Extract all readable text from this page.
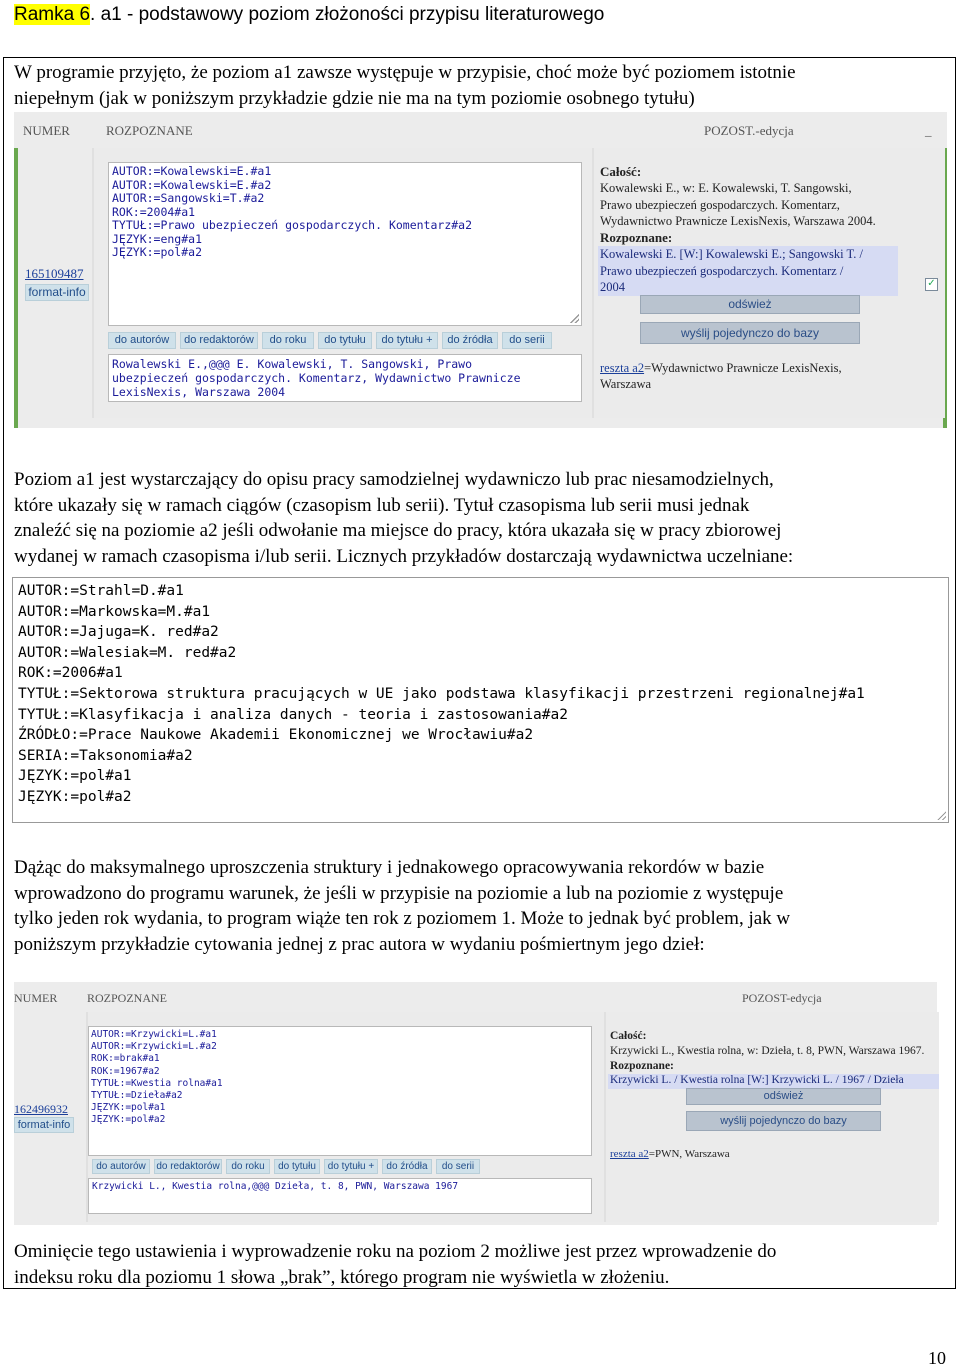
Ramka 6. a1 - podstawowy poziom złożoności przypisu literaturowego
W programie przyjęto, że poziom a1 zawsze występuje w przypisie, choć może być poziomem istotnie
niepełnym (jak w poniższym przykładzie gdzie nie ma na tym poziomie osobnego tytułu)
NUMER	ROZPOZNANE	POZOST.-edycja	_
165109487
format-info
AUTOR:=Kowalewski=E.#a1
AUTOR:=Kowalewski=E.#a2
AUTOR:=Sangowski=T.#a2
ROK:=2004#a1
TYTUŁ:=Prawo ubezpieczeń gospodarczych. Komentarz#a2
JĘZYK:=eng#a1
JĘZYK:=pol#a2
do autorów	do redaktorów	do roku	do tytułu	do tytułu +	do źródła	do serii
Rowalewski E.,@@@ E. Kowalewski, T. Sangowski, Prawo
ubezpieczeń gospodarczych. Komentarz, Wydawnictwo Prawnicze
LexisNexis, Warszawa 2004
Całość:
Kowalewski E., w: E. Kowalewski, T. Sangowski,
Prawo ubezpieczeń gospodarczych. Komentarz,
Wydawnictwo Prawnicze LexisNexis, Warszawa 2004.
Rozpoznane:
Kowalewski E. [W:] Kowalewski E.; Sangowski T. /
Prawo ubezpieczeń gospodarczych. Komentarz /
2004
odśwież
wyślij pojedynczo do bazy
reszta a2=Wydawnictwo Prawnicze LexisNexis,
Warszawa
✓
Poziom a1 jest wystarczający do opisu pracy samodzielnej wydawniczo lub prac niesamodzielnych,
które ukazały się w ramach ciągów (czasopism lub serii). Tytuł czasopisma lub serii musi jednak
znaleźć się na poziomie a2 jeśli odwołanie ma miejsce do pracy, która ukazała się w pracy zbiorowej
wydanej w ramach czasopisma i/lub serii. Licznych przykładów dostarczają wydawnictwa uczelniane:
AUTOR:=Strahl=D.#a1
AUTOR:=Markowska=M.#a1
AUTOR:=Jajuga=K. red#a2
AUTOR:=Walesiak=M. red#a2
ROK:=2006#a1
TYTUŁ:=Sektorowa struktura pracujących w UE jako podstawa klasyfikacji przestrzeni regionalnej#a1
TYTUŁ:=Klasyfikacja i analiza danych - teoria i zastosowania#a2
ŹRÓDŁO:=Prace Naukowe Akademii Ekonomicznej we Wrocławiu#a2
SERIA:=Taksonomia#a2
JĘZYK:=pol#a1
JĘZYK:=pol#a2
Dążąc do maksymalnego uproszczenia struktury i jednakowego opracowywania rekordów w bazie
wprowadzono do programu warunek, że jeśli w przypisie na poziomie a lub na poziomie z występuje
tylko jeden rok wydania, to program wiąże ten rok z poziomem 1. Może to jednak być problem, jak w
poniższym przykładzie cytowania jednej z prac autora w wydaniu pośmiertnym jego dzieł:
NUMER ROZPOZNANE	POZOST-edycja
162496932
format-info
AUTOR:=Krzywicki=L.#a1
AUTOR:=Krzywicki=L.#a2
ROK:=brak#a1
ROK:=1967#a2
TYTUŁ:=Kwestia rolna#a1
TYTUŁ:=Dzieła#a2
JĘZYK:=pol#a1
JĘZYK:=pol#a2
do autorów	do redaktorów	do roku	do tytułu	do tytułu +	do źródła	do serii
Krzywicki L., Kwestia rolna,@@@ Dzieła, t. 8, PWN, Warszawa 1967
Całość:
Krzywicki L., Kwestia rolna, w: Dzieła, t. 8, PWN, Warszawa 1967.
Rozpoznane:
Krzywicki L. / Kwestia rolna [W:] Krzywicki L. / 1967 / Dzieła
odśwież
wyślij pojedynczo do bazy
reszta a2=PWN, Warszawa
Ominięcie tego ustawienia i wyprowadzenie roku na poziom 2 możliwe jest przez wprowadzenie do
indeksu roku dla poziomu 1 słowa „brak”, którego program nie wyświetla w złożeniu.
10
